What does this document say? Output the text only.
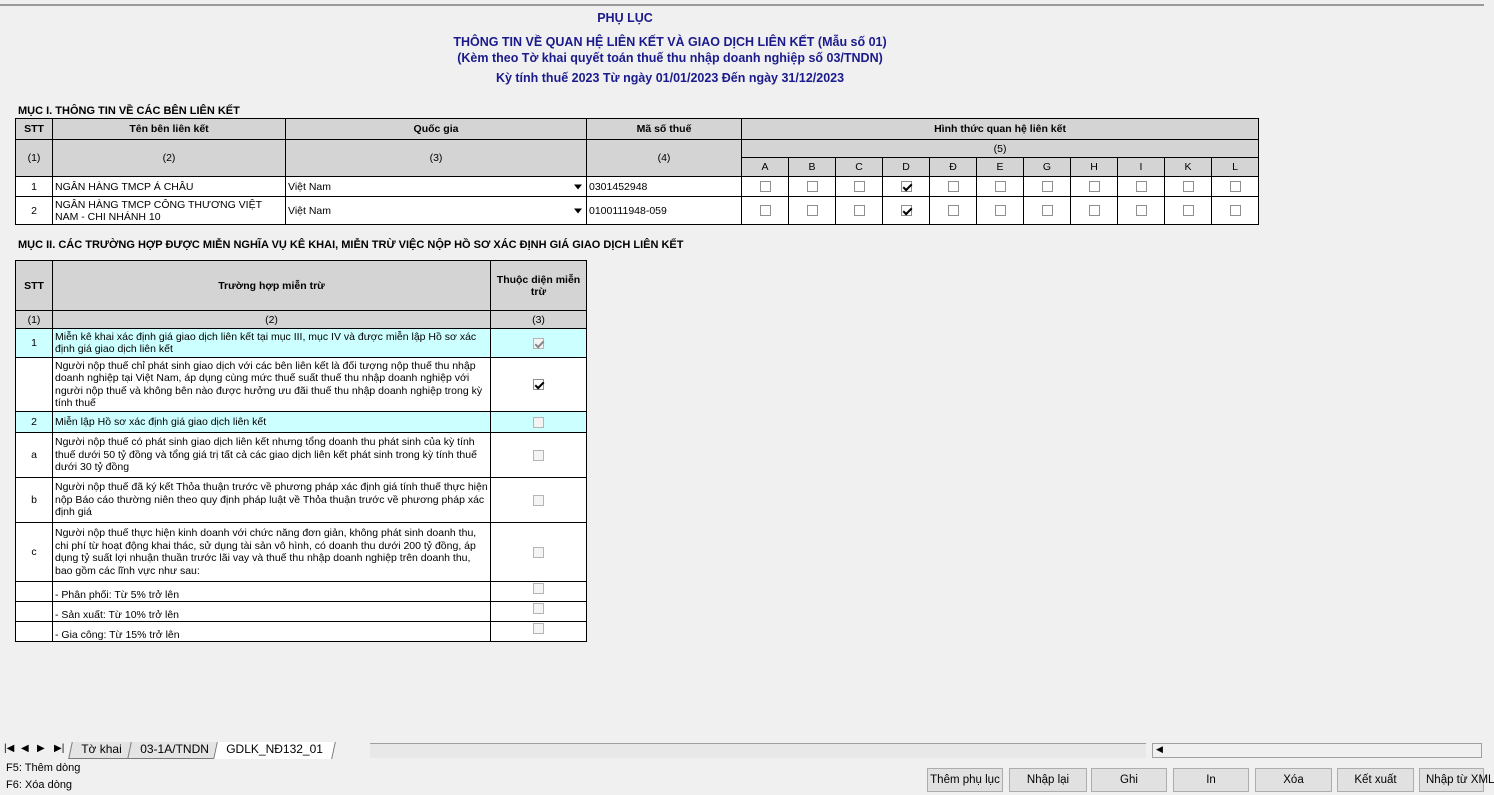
PHỤ LỤC
THÔNG TIN VỀ QUAN HỆ LIÊN KẾT VÀ GIAO DỊCH LIÊN KẾT (Mẫu số 01)
(Kèm theo Tờ khai quyết toán thuế thu nhập doanh nghiệp số 03/TNDN)
Kỳ tính thuế 2023 Từ ngày 01/01/2023 Đến ngày 31/12/2023
MỤC I. THÔNG TIN VỀ CÁC BÊN LIÊN KẾT
STT	Tên bên liên kết	Quốc gia	Mã số thuế	Hình thức quan hệ liên kết										
(1)	(2)	(3)	(4)	(5)										
				A	B	C	D	Đ	E	G	H	I	K	L
1	NGÂN HÀNG TMCP Á CHÂU	Việt Nam	0301452948											
2	NGÂN HÀNG TMCP CÔNG THƯƠNG VIỆT NAM - CHI NHÁNH 10	Việt Nam	0100111948-059											
MỤC II. CÁC TRƯỜNG HỢP ĐƯỢC MIỄN NGHĨA VỤ KÊ KHAI, MIỄN TRỪ VIỆC NỘP HỒ SƠ XÁC ĐỊNH GIÁ GIAO DỊCH LIÊN KẾT
STT	Trường hợp miễn trừ	Thuộc diện miễn trừ
(1)	(2)	(3)
1	Miễn kê khai xác định giá giao dịch liên kết tại mục III, mục IV và được miễn lập Hồ sơ xác định giá giao dịch liên kết	
	Người nộp thuế chỉ phát sinh giao dịch với các bên liên kết là đối tượng nộp thuế thu nhập doanh nghiệp tại Việt Nam, áp dụng cùng mức thuế suất thuế thu nhập doanh nghiệp với người nộp thuế và không bên nào được hưởng ưu đãi thuế thu nhập doanh nghiệp trong kỳ tính thuế	
2	Miễn lập Hồ sơ xác định giá giao dịch liên kết	
a	Người nộp thuế có phát sinh giao dịch liên kết nhưng tổng doanh thu phát sinh của kỳ tính thuế dưới 50 tỷ đồng và tổng giá trị tất cả các giao dịch liên kết phát sinh trong kỳ tính thuế dưới 30 tỷ đồng	
b	Người nộp thuế đã ký kết Thỏa thuận trước về phương pháp xác định giá tính thuế thực hiện nộp Báo cáo thường niên theo quy định pháp luật về Thỏa thuận trước về phương pháp xác định giá	
c	Người nộp thuế thực hiện kinh doanh với chức năng đơn giản, không phát sinh doanh thu, chi phí từ hoạt động khai thác, sử dụng tài sản vô hình, có doanh thu dưới 200 tỷ đồng, áp dụng tỷ suất lợi nhuận thuần trước lãi vay và thuế thu nhập doanh nghiệp trên doanh thu, bao gồm các lĩnh vực như sau:	
	- Phân phối: Từ 5% trở lên	
	- Sản xuất: Từ 10% trở lên	
	- Gia công: Từ 15% trở lên	
|◀ ◀ ▶ ▶|	Tờ khai	03-1A/TNDN	GDLK_NĐ132_01	◀
F5: Thêm dòng
F6: Xóa dòng	Thêm phụ lục	Nhập lại	Ghi	In	Xóa	Kết xuất	Nhập từ XML
